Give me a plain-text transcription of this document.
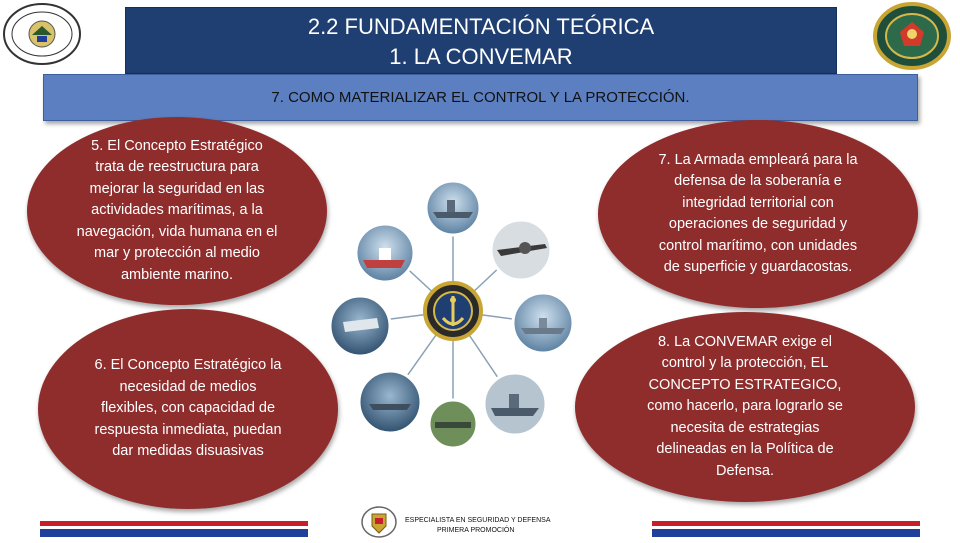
2.2 FUNDAMENTACIÓN TEÓRICA
1. LA CONVEMAR
7. COMO MATERIALIZAR EL CONTROL Y LA PROTECCIÓN.
5. El Concepto Estratégico trata de reestructura para mejorar la seguridad en las actividades marítimas, a la navegación, vida humana en el mar y protección al medio ambiente marino.
7. La Armada empleará para la defensa de la soberanía e integridad territorial con operaciones de seguridad y control marítimo, con unidades de superficie y guardacostas.
6. El Concepto Estratégico la necesidad de medios flexibles, con capacidad de respuesta inmediata, puedan dar medidas disuasivas
8. La CONVEMAR exige el control y la protección, EL CONCEPTO ESTRATEGICO, como hacerlo, para lograrlo se necesita de estrategias delineadas en la Política de Defensa.
ESPECIALISTA EN SEGURIDAD Y DEFENSA
PRIMERA PROMOCIÓN
